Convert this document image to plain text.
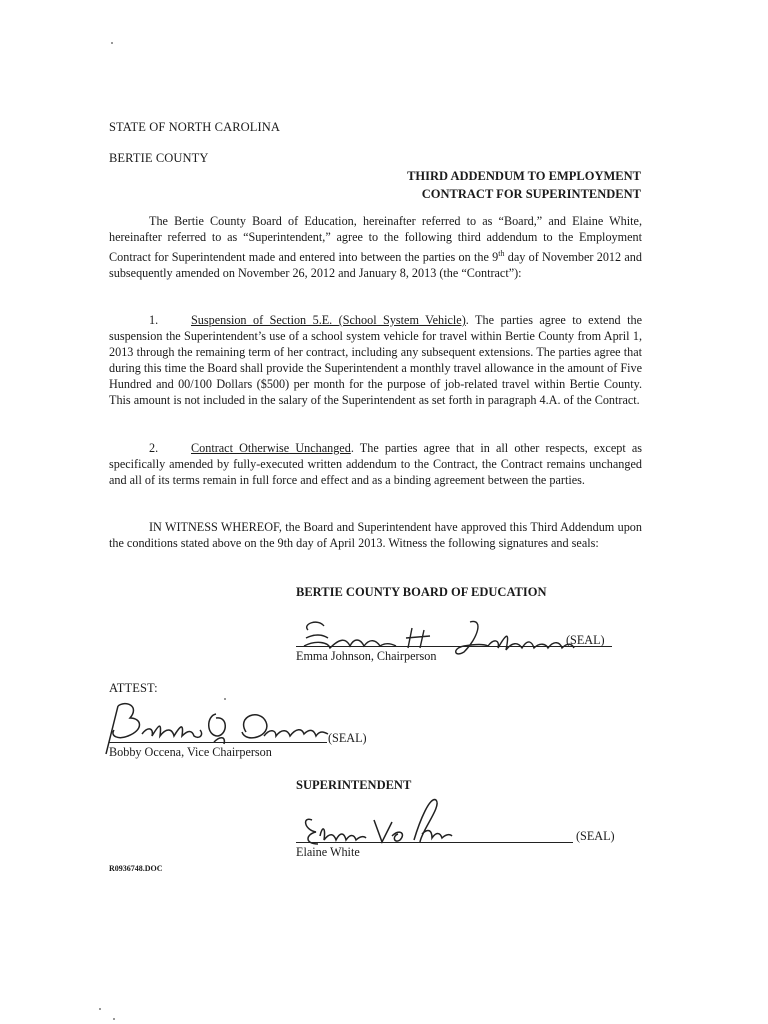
STATE OF NORTH CAROLINA
BERTIE COUNTY
THIRD ADDENDUM TO EMPLOYMENT
CONTRACT FOR SUPERINTENDENT
The Bertie County Board of Education, hereinafter referred to as “Board,” and Elaine White, hereinafter referred to as “Superintendent,” agree to the following third addendum to the Employment Contract for Superintendent made and entered into between the parties on the 9th day of November 2012 and subsequently amended on November 26, 2012 and January 8, 2013 (the “Contract”):
1.	Suspension of Section 5.E. (School System Vehicle). The parties agree to extend the suspension the Superintendent’s use of a school system vehicle for travel within Bertie County from April 1, 2013 through the remaining term of her contract, including any subsequent extensions. The parties agree that during this time the Board shall provide the Superintendent a monthly travel allowance in the amount of Five Hundred and 00/100 Dollars ($500) per month for the purpose of job-related travel within Bertie County. This amount is not included in the salary of the Superintendent as set forth in paragraph 4.A. of the Contract.
2.	Contract Otherwise Unchanged. The parties agree that in all other respects, except as specifically amended by fully-executed written addendum to the Contract, the Contract remains unchanged and all of its terms remain in full force and effect and as a binding agreement between the parties.
IN WITNESS WHEREOF, the Board and Superintendent have approved this Third Addendum upon the conditions stated above on the 9th day of April 2013. Witness the following signatures and seals:
BERTIE COUNTY BOARD OF EDUCATION
(SEAL)
Emma Johnson, Chairperson
ATTEST:
(SEAL)
Bobby Occena, Vice Chairperson
SUPERINTENDENT
(SEAL)
Elaine White
R0936748.DOC
